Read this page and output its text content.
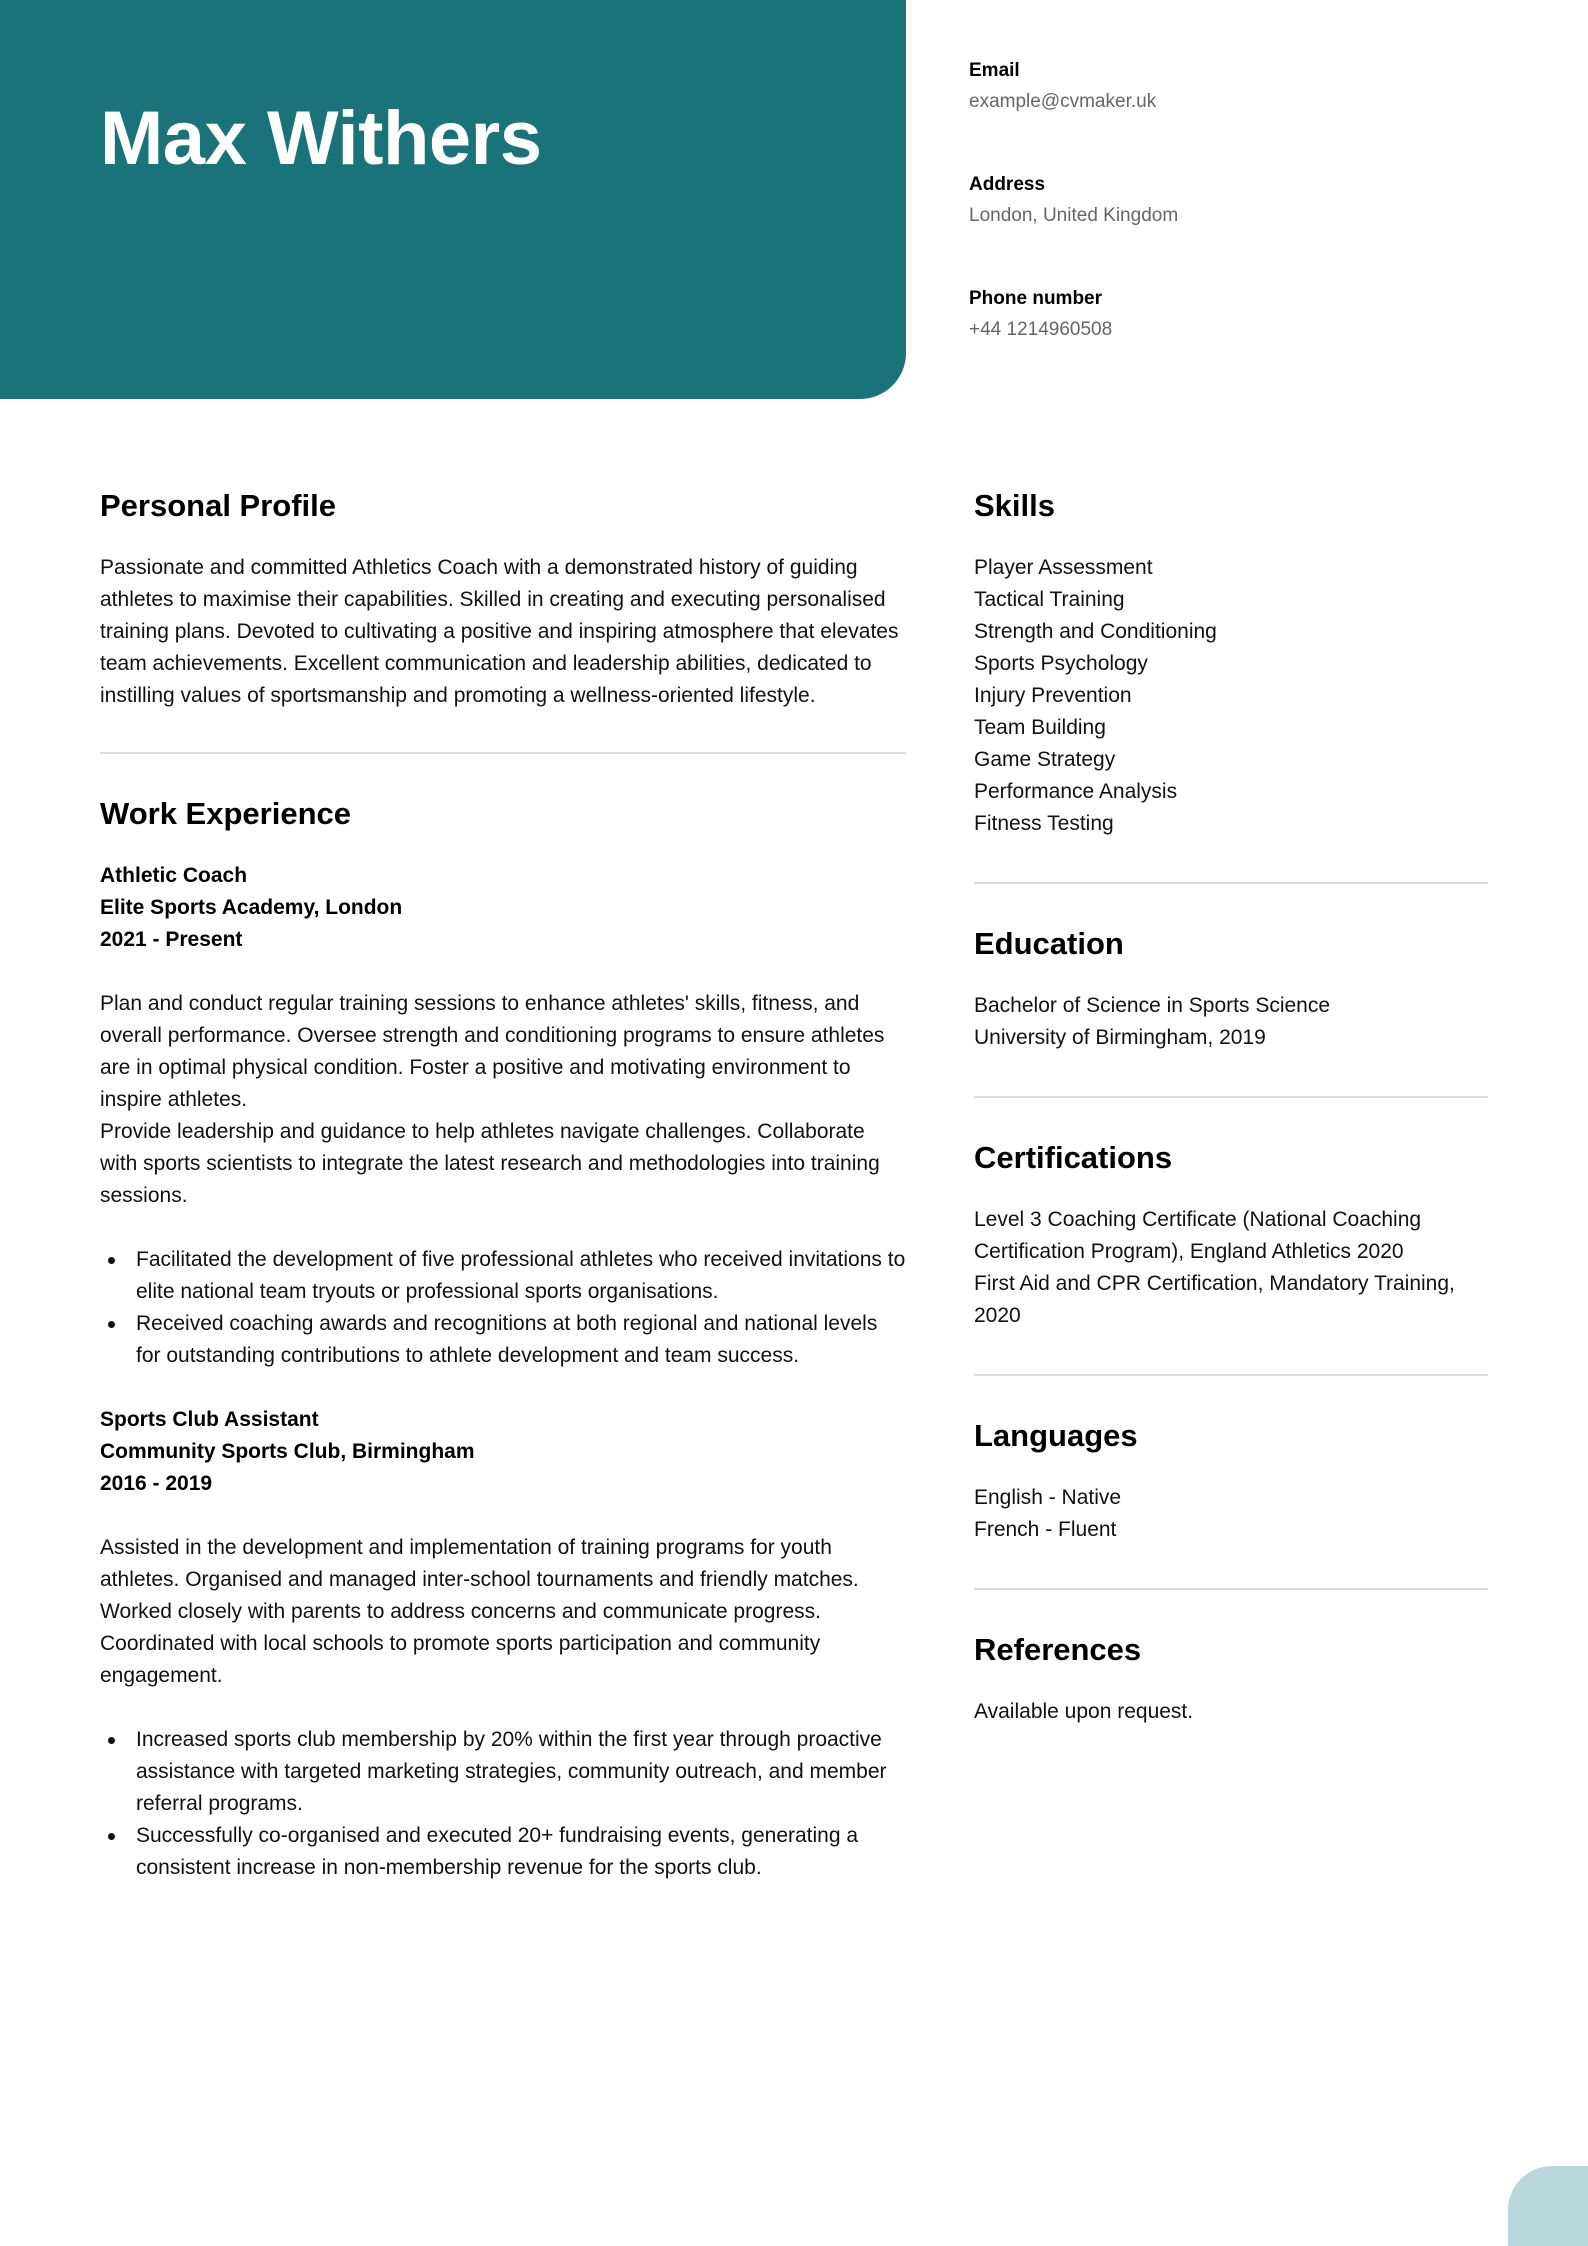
Max Withers
Email
example@cvmaker.uk
Address
London, United Kingdom
Phone number
+44 1214960508
Personal Profile

Passionate and committed Athletics Coach with a demonstrated history of guiding athletes to maximise their capabilities. Skilled in creating and executing personalised training plans. Devoted to cultivating a positive and inspiring atmosphere that elevates team achievements. Excellent communication and leadership abilities, dedicated to instilling values of sportsmanship and promoting a wellness-oriented lifestyle.

Work Experience
Athletic Coach
Elite Sports Academy, London
2021 - Present

Plan and conduct regular training sessions to enhance athletes' skills, fitness, and overall performance. Oversee strength and conditioning programs to ensure athletes are in optimal physical condition. Foster a positive and motivating environment to inspire athletes.

Provide leadership and guidance to help athletes navigate challenges. Collaborate with sports scientists to integrate the latest research and methodologies into training sessions.

Facilitated the development of five professional athletes who received invitations to elite national team tryouts or professional sports organisations.
Received coaching awards and recognitions at both regional and national levels for outstanding contributions to athlete development and team success.
Sports Club Assistant
Community Sports Club, Birmingham
2016 - 2019

Assisted in the development and implementation of training programs for youth athletes. Organised and managed inter-school tournaments and friendly matches. Worked closely with parents to address concerns and communicate progress. Coordinated with local schools to promote sports participation and community engagement.

Increased sports club membership by 20% within the first year through proactive assistance with targeted marketing strategies, community outreach, and member referral programs.
Successfully co-organised and executed 20+ fundraising events, generating a consistent increase in non-membership revenue for the sports club.
Skills
Player Assessment
Tactical Training
Strength and Conditioning
Sports Psychology
Injury Prevention
Team Building
Game Strategy
Performance Analysis
Fitness Testing
Education
Bachelor of Science in Sports Science
University of Birmingham, 2019
Certifications
Level 3 Coaching Certificate (National Coaching Certification Program), England Athletics 2020
First Aid and CPR Certification, Mandatory Training, 2020
Languages
English - Native
French - Fluent
References
Available upon request.
